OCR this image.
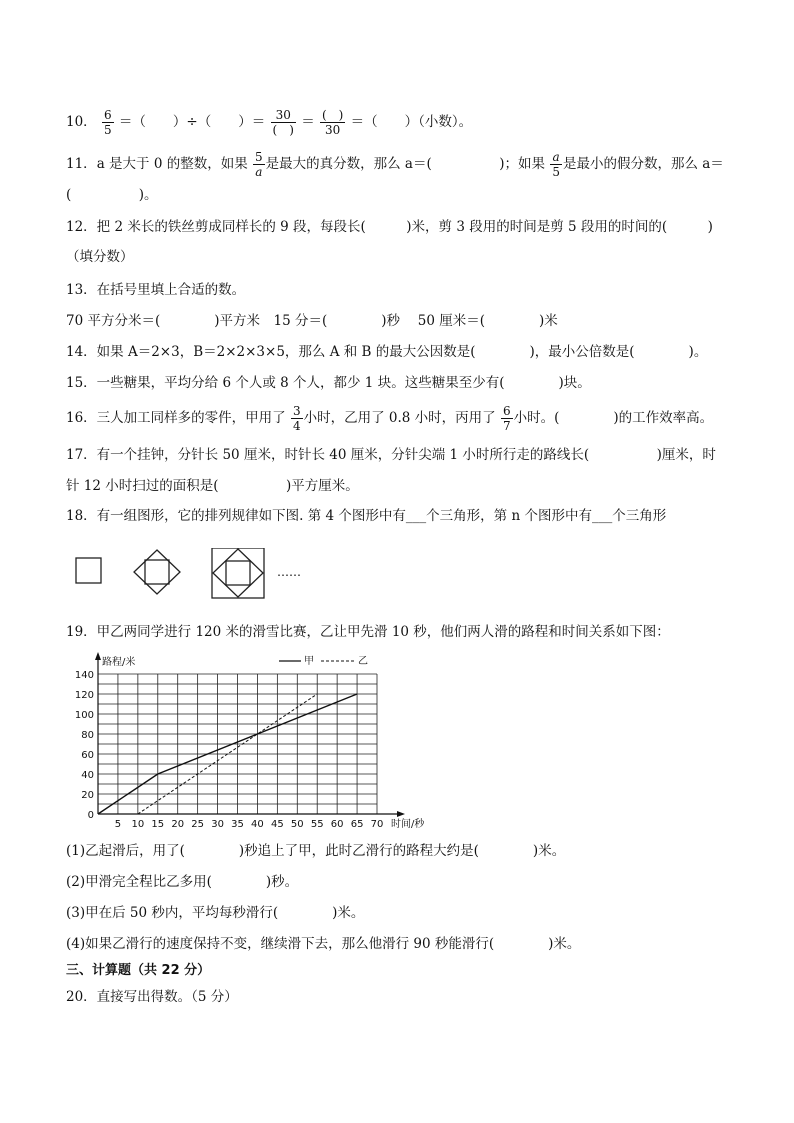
10． $\frac{6}{5}$ ＝（　　）÷（　　）＝ $\frac{30}{( )} = \frac{( )}{30}$ ＝（　　）（小数）。
11．a 是大于 0 的整数，如果 $\frac{5}{a}$ 是最大的真分数，那么 a＝(　　　　　)；如果 $\frac{a}{5}$ 是最小的假分数，那么 a＝
(　　　　　)。
12．把 2 米长的铁丝剪成同样长的 9 段，每段长(　　　)米，剪 3 段用的时间是剪 5 段用的时间的(　　　)
（填分数）
13．在括号里填上合适的数。
70 平方分米＝(　　　　)平方米　15 分＝(　　　　)秒　 50 厘米＝(　　　　)米
14．如果 A＝2×3，B＝2×2×3×5，那么 A 和 B 的最大公因数是(　　　　)，最小公倍数是(　　　　)。
15．一些糖果，平均分给 6 个人或 8 个人，都少 1 块。这些糖果至少有(　　　　)块。
16．三人加工同样多的零件，甲用了 $\frac{3}{4}$ 小时，乙用了 0.8 小时，丙用了 $\frac{6}{7}$ 小时。(　　　　)的工作效率高。
17．有一个挂钟，分针长 50 厘米，时针长 40 厘米，分针尖端 1 小时所行走的路线长(　　　　　)厘米，时
针 12 小时扫过的面积是(　　　　　)平方厘米。
18．有一组图形，它的排列规律如下图. 第 4 个图形中有___个三角形，第 n 个图形中有___个三角形
……
19．甲乙两同学进行 120 米的滑雪比赛，乙让甲先滑 10 秒，他们两人滑的路程和时间关系如下图：
0
20
40
60
80
100
120
140
5 10 15 20 25 30 35 40 45 50 55 60 65 70
路程/米
时间/秒
甲	乙
(1)乙起滑后，用了(　　　　)秒追上了甲，此时乙滑行的路程大约是(　　　　)米。
(2)甲滑完全程比乙多用(　　　　)秒。
(3)甲在后 50 秒内，平均每秒滑行(　　　　)米。
(4)如果乙滑行的速度保持不变，继续滑下去，那么他滑行 90 秒能滑行(　　　　)米。
三、计算题（共 22 分）
20．直接写出得数。（5 分）
